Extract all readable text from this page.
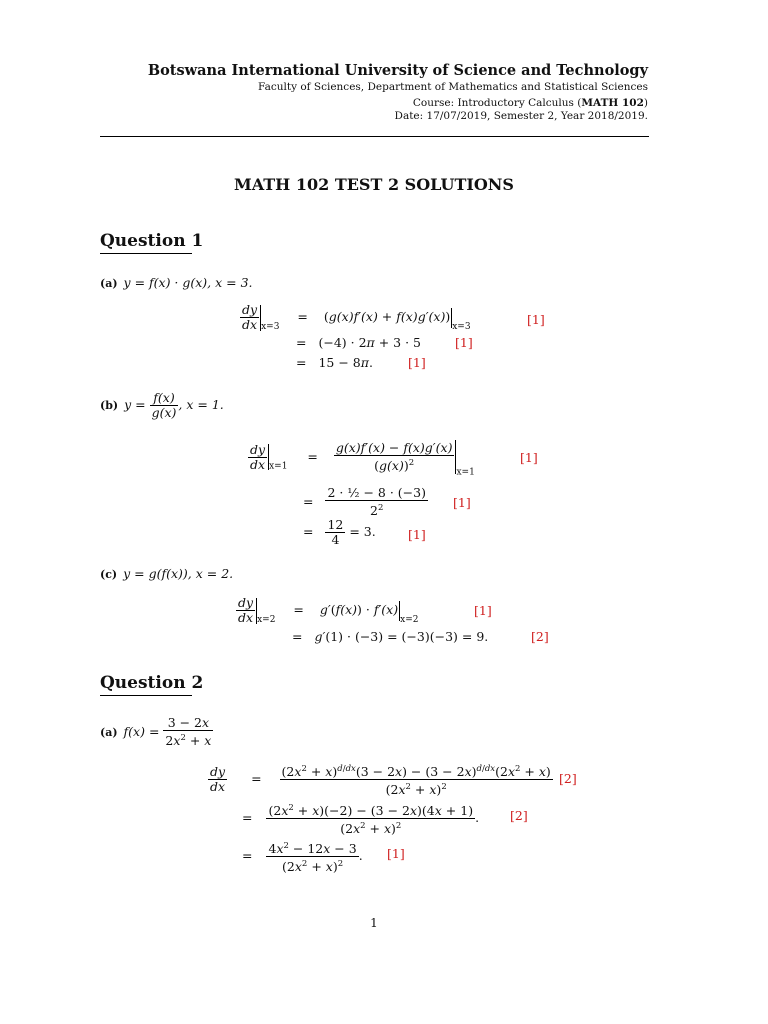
Botswana International University of Science and Technology
Faculty of Sciences, Department of Mathematics and Statistical Sciences
Course: Introductory Calculus (MATH 102)
Date: 17/07/2019, Semester 2, Year 2018/2019.
MATH 102 TEST 2 SOLUTIONS
Question 1
(a) y = f(x) · g(x), x = 3.
$\frac{dy}{dx} _{x=3} = (g(x)f'(x) + f(x)g'(x))_{x=3}$	[1]
= (−4) · 2π + 3 · 5	[1]
= 15 − 8π.	[1]
(b) $y = \frac{f(x)}{g(x)}$ , x = 1.
$\frac{dy}{dx} _{x=1} = \frac{g(x)f'(x) - f(x)g'(x)}{(g(x))^2} _{x=1}$
[1]
= $\frac{\text{2 · ½ − 8 · (−3)}}{2^2} [1]$
= $\frac{12}{4} = 3$.	[1]
(c) y = g(f(x)), x = 2.
$\frac{dy}{dx} _{x=2} = g'(f(x)) \cdot f'(x)_{x=2}$
[1]
= g′(1) · (−3) = (−3)(−3) = 9.	[2]
Question 2
(a) $f(x) = \frac{3 - 2x}{2x^2 + x}$
$\frac{dy}{dx} = \frac{(2x^2 + x)^{d/dx}(3 - 2x) - (3 - 2x)^{d/dx}(2x^2 + x)}{(2x^2 + x)^2} [2]$
= $\frac{(2x^2 + x)(-2) - (3 - 2x)(4x + 1)}{(2x^2 + x)^2}$ . [2]
= $\frac{4x^2 - 12x - 3}{(2x^2 + x)^2}$ . [1]
1
